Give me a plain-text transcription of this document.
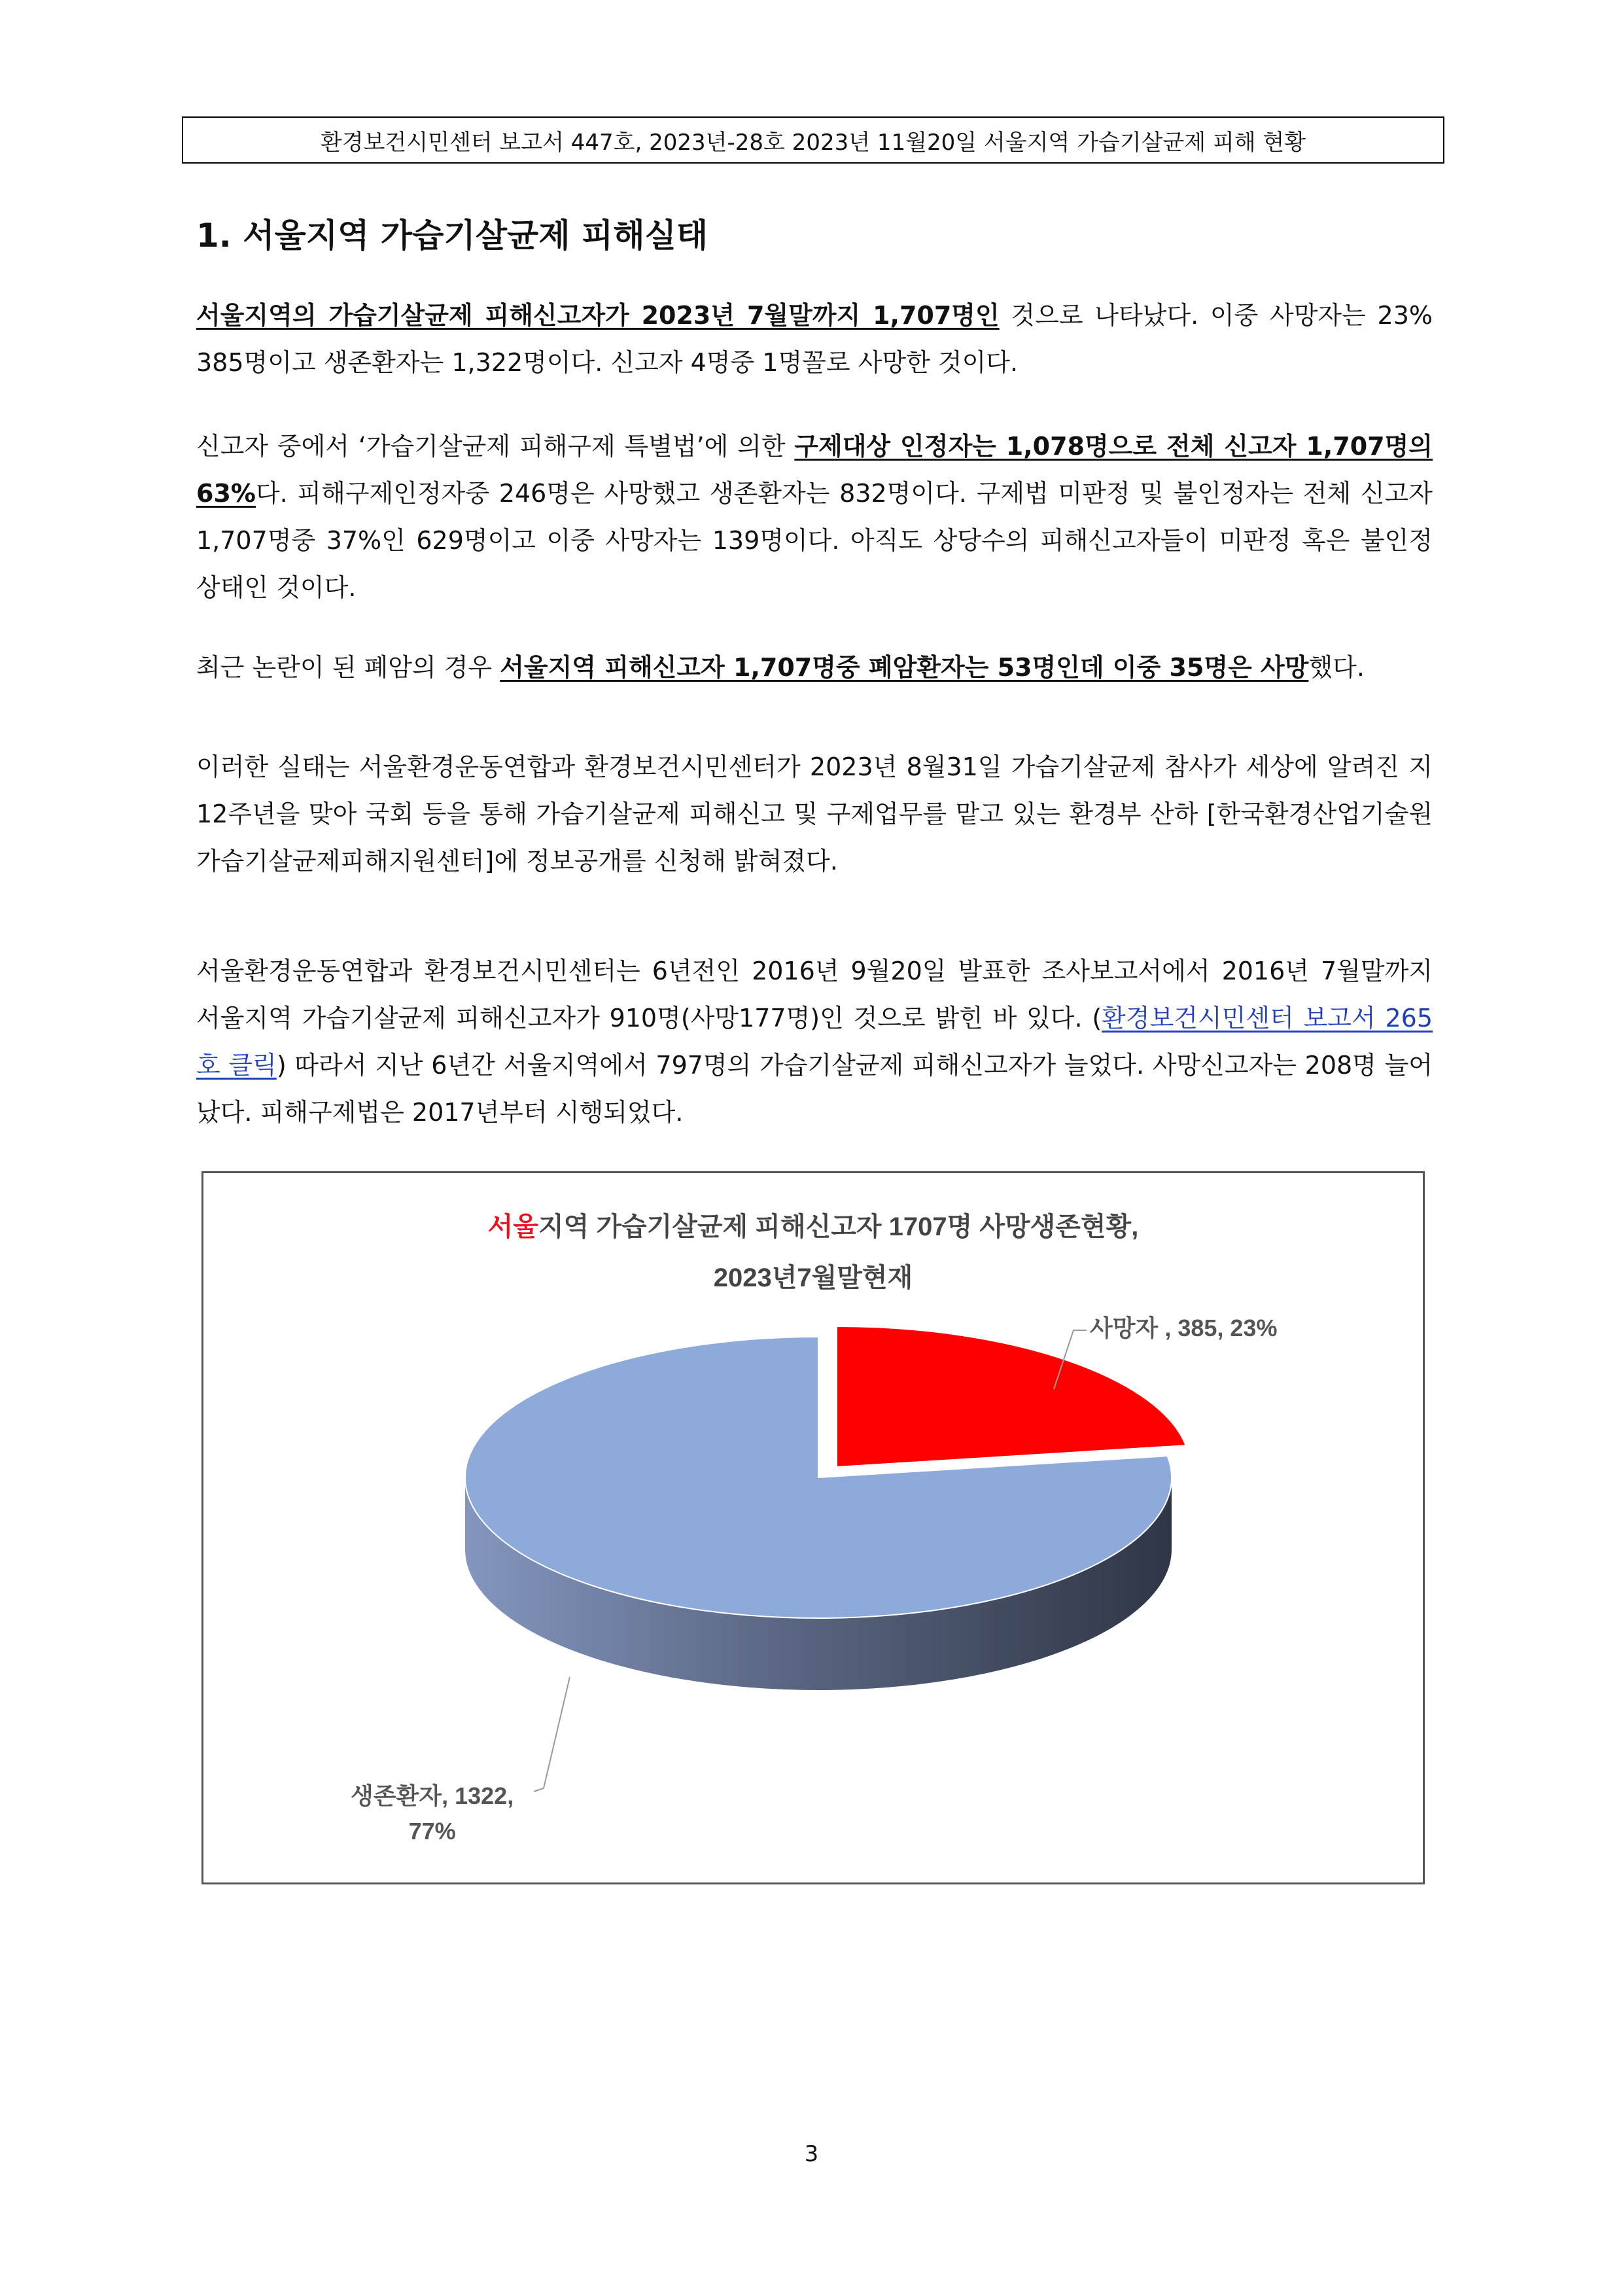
환경보건시민센터 보고서 447호, 2023년-28호 2023년 11월20일 서울지역 가습기살균제 피해 현황
1. 서울지역 가습기살균제 피해실태
서울지역의 가습기살균제 피해신고자가 2023년 7월말까지 1,707명인 것으로 나타났다. 이중 사망자는 23% 385명이고 생존환자는 1,322명이다. 신고자 4명중 1명꼴로 사망한 것이다.
신고자 중에서 ‘가습기살균제 피해구제 특별법’에 의한 구제대상 인정자는 1,078명으로 전체 신고자 1,707명의 63%다. 피해구제인정자중 246명은 사망했고 생존환자는 832명이다. 구제법 미판정 및 불인정자는 전체 신고자 1,707명중 37%인 629명이고 이중 사망자는 139명이다. 아직도 상당수의 피해신고자들이 미판정 혹은 불인정 상태인 것이다.
최근 논란이 된 폐암의 경우 서울지역 피해신고자 1,707명중 폐암환자는 53명인데 이중 35명은 사망했다.
이러한 실태는 서울환경운동연합과 환경보건시민센터가 2023년 8월31일 가습기살균제 참사가 세상에 알려진 지 12주년을 맞아 국회 등을 통해 가습기살균제 피해신고 및 구제업무를 맡고 있는 환경부 산하 [한국환경산업기술원 가습기살균제피해지원센터]에 정보공개를 신청해 밝혀졌다.
서울환경운동연합과 환경보건시민센터는 6년전인 2016년 9월20일 발표한 조사보고서에서 2016년 7월말까지 서울지역 가습기살균제 피해신고자가 910명(사망177명)인 것으로 밝힌 바 있다. (환경보건시민센터 보고서 265호 클릭) 따라서 지난 6년간 서울지역에서 797명의 가습기살균제 피해신고자가 늘었다. 사망신고자는 208명 늘어났다. 피해구제법은 2017년부터 시행되었다.
서울지역 가습기살균제 피해신고자 1707명 사망생존현황,
2023년7월말현재
사망자 , 385, 23%
생존환자, 1322,
77%
3
